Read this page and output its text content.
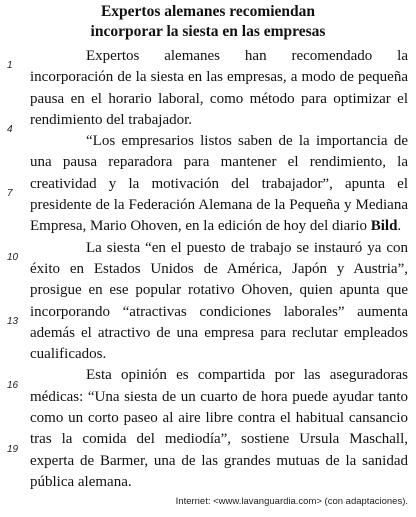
Expertos alemanes recomiendan
incorporar la siesta en las empresas
1
4
7
10
13
16
19

Expertos alemanes han recomendado la incorporación de la siesta en las empresas, a modo de pequeña pausa en el horario laboral, como método para optimizar el rendimiento del trabajador.

“Los empresarios listos saben de la importancia de una pausa reparadora para mantener el rendimiento, la creatividad y la motivación del trabajador”, apunta el presidente de la Federación Alemana de la Pequeña y Mediana Empresa, Mario Ohoven, en la edición de hoy del diario Bild.

La siesta “en el puesto de trabajo se instauró ya con éxito en Estados Unidos de América, Japón y Austria”, prosigue en ese popular rotativo Ohoven, quien apunta que incorporando “atractivas condiciones laborales” aumenta además el atractivo de una empresa para reclutar empleados cualificados.

Esta opinión es compartida por las aseguradoras médicas: “Una siesta de un cuarto de hora puede ayudar tanto como un corto paseo al aire libre contra el habitual cansancio tras la comida del mediodía”, sostiene Ursula Maschall, experta de Barmer, una de las grandes mutuas de la sanidad pública alemana.

Internet: <www.lavanguardia.com> (con adaptaciones).
